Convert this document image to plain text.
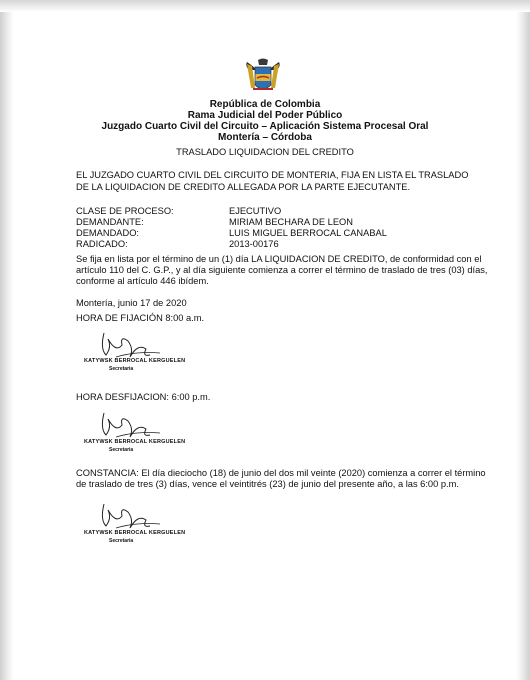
República de Colombia
Rama Judicial del Poder Público
Juzgado Cuarto Civil del Circuito – Aplicación Sistema Procesal Oral
Montería – Córdoba
TRASLADO LIQUIDACION DEL CREDITO
EL JUZGADO CUARTO CIVIL DEL CIRCUITO DE MONTERIA, FIJA EN LISTA EL TRASLADO DE LA LIQUIDACION DE CREDITO ALLEGADA POR LA PARTE EJECUTANTE.
CLASE DE PROCESO:	EJECUTIVO
DEMANDANTE:	MIRIAM BECHARA DE LEON
DEMANDADO:	LUIS MIGUEL BERROCAL CANABAL
RADICADO:	2013-00176
Se fija en lista por el término de un (1) día LA LIQUIDACION DE CREDITO, de conformidad con el
artículo 110 del C. G.P., y al día siguiente comienza a correr el término de traslado de tres (03) días,
conforme al artículo 446 ibídem.
Montería, junio 17 de 2020
HORA DE FIJACIÓN 8:00 a.m.
KATYWSK BERROCAL KERGUELEN
Secretaria
HORA DESFIJACION: 6:00 p.m.
KATYWSK BERROCAL KERGUELEN
Secretaria
CONSTANCIA: El día dieciocho (18) de junio del dos mil veinte (2020) comienza a correr el término
de traslado de tres (3) días, vence el veintitrés (23) de junio del presente año, a las 6:00 p.m.
KATYWSK BERROCAL KERGUELEN
Secretaria
